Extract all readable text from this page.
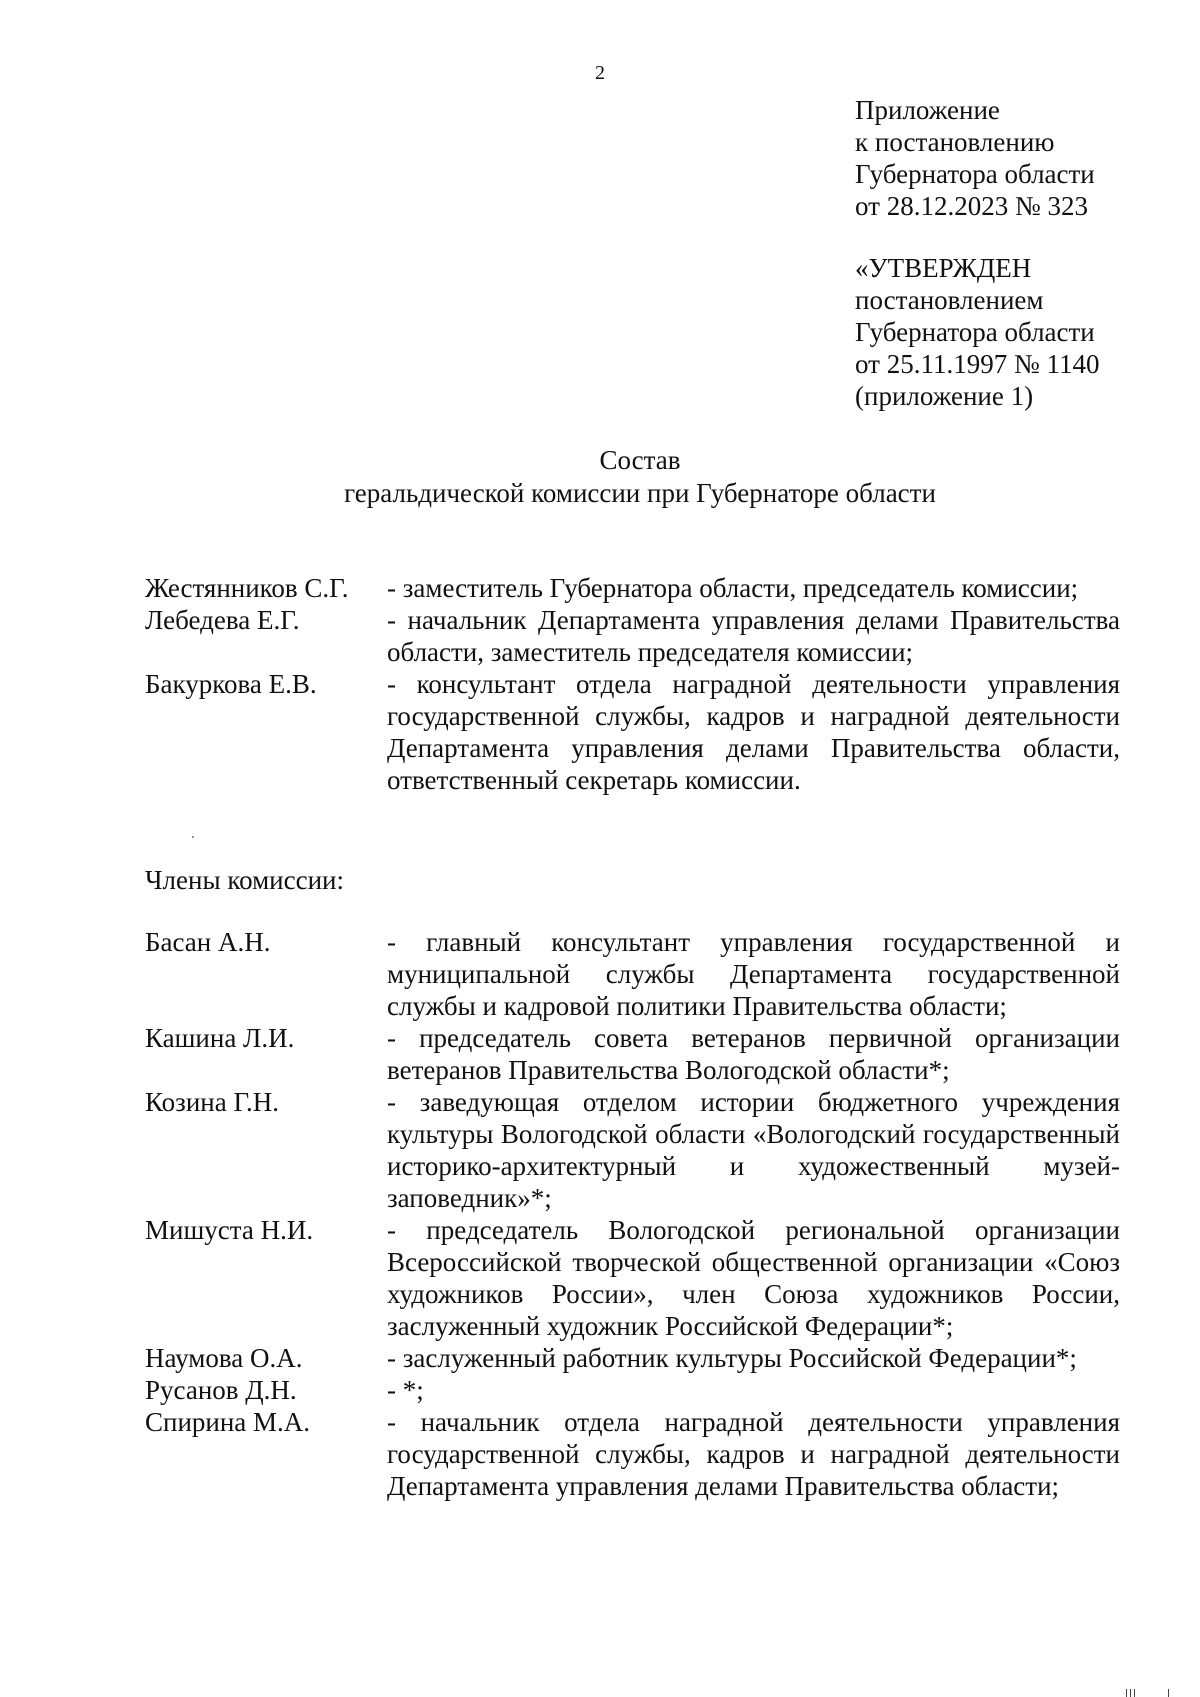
2
Приложение
к постановлению
Губернатора области
от 28.12.2023 № 323
«УТВЕРЖДЕН
постановлением
Губернатора области
от 25.11.1997 № 1140
(приложение 1)
Состав
геральдической комиссии при Губернаторе области
Жестянников С.Г.	- заместитель Губернатора области, председатель комиссии;
Лебедева Е.Г.	- начальник Департамента управления делами Правительства области, заместитель председателя комиссии;
Бакуркова Е.В.	- консультант отдела наградной деятельности управления государственной службы, кадров и наградной деятельности Департамента управления делами Правительства области, ответственный секретарь комиссии.
Члены комиссии:
Басан А.Н.	- главный консультант управления государственной и муниципальной службы Департамента государственной службы и кадровой политики Правительства области;
Кашина Л.И.	- председатель совета ветеранов первичной организации ветеранов Правительства Вологодской области*;
Козина Г.Н.	- заведующая отделом истории бюджетного учреждения культуры Вологодской области «Вологодский государственный историко-архитектурный и художественный музей-заповедник»*;
Мишуста Н.И.	- председатель Вологодской региональной организации Всероссийской творческой общественной организации «Союз художников России», член Союза художников России, заслуженный художник Российской Федерации*;
Наумова О.А.	- заслуженный работник культуры Российской Федерации*;
Русанов Д.Н.	- *;
Спирина М.А.	- начальник отдела наградной деятельности управления государственной службы, кадров и наградной деятельности Департамента управления делами Правительства области;
